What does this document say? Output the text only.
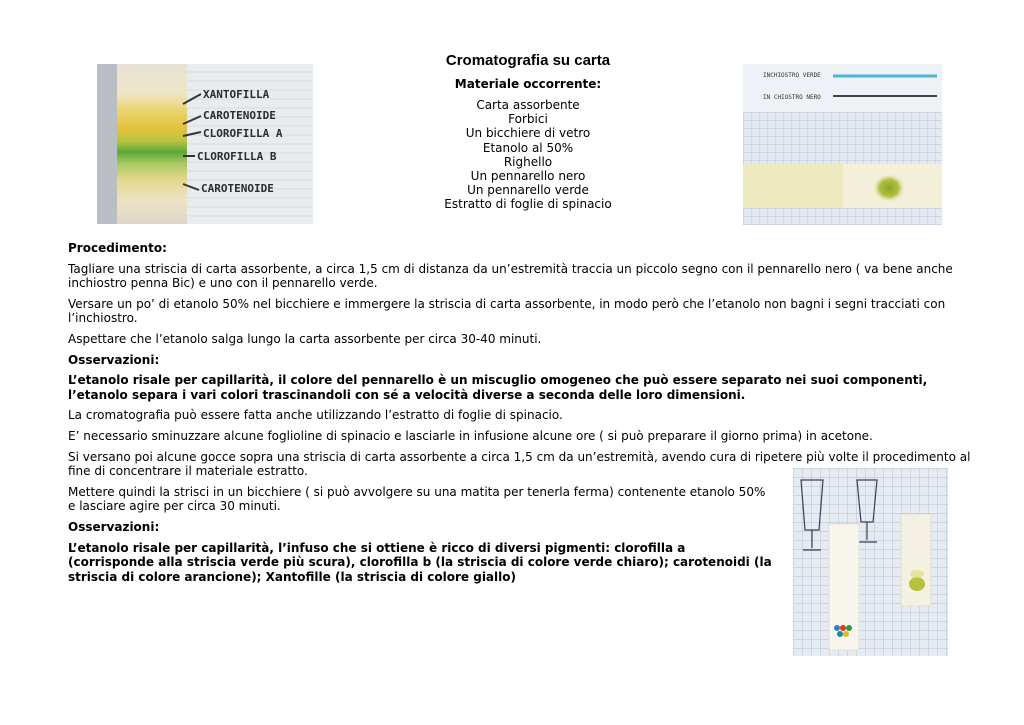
XANTOFILLA
CAROTENOIDE
CLOROFILLA A
CLOROFILLA B
CAROTENOIDE
INCHIOSTRO VERDE
IN CHIOSTRO NERO
Cromatografia su carta
Materiale occorrente:
Carta assorbente
Forbici
Un bicchiere di vetro
Etanolo al 50%
Righello
Un pennarello nero
Un pennarello verde
Estratto di foglie di spinacio

Procedimento:

Tagliare una striscia di carta assorbente, a circa 1,5 cm di distanza da un’estremità traccia un piccolo segno con il pennarello nero ( va bene anche inchiostro penna Bic) e uno con il pennarello verde.

Versare un po’ di etanolo 50% nel bicchiere e immergere la striscia di carta assorbente, in modo però che l’etanolo non bagni i segni tracciati con l’inchiostro.

Aspettare che l’etanolo salga lungo la carta assorbente per circa 30-40 minuti.

Osservazioni:

L’etanolo risale per capillarità, il colore del pennarello è un miscuglio omogeneo che può essere separato nei suoi componenti, l’etanolo separa i vari colori trascinandoli con sé a velocità diverse a seconda delle loro dimensioni.

La cromatografia può essere fatta anche utilizzando l’estratto di foglie di spinacio.

E’ necessario sminuzzare alcune foglioline di spinacio e lasciarle in infusione alcune ore ( si può preparare il giorno prima) in acetone.

Si versano poi alcune gocce sopra una striscia di carta assorbente a circa 1,5 cm da un’estremità, avendo cura di ripetere più volte il procedimento al fine di concentrare il materiale estratto.

Mettere quindi la strisci in un bicchiere ( si può avvolgere su una matita per tenerla ferma) contenente etanolo 50% e lasciare agire per circa 30 minuti.

Osservazioni:

L’etanolo risale per capillarità, l’infuso che si ottiene è ricco di diversi pigmenti: clorofilla a (corrisponde alla striscia verde più scura), clorofilla b (la striscia di colore verde chiaro); carotenoidi (la striscia di colore arancione); Xantofille (la striscia di colore giallo)
